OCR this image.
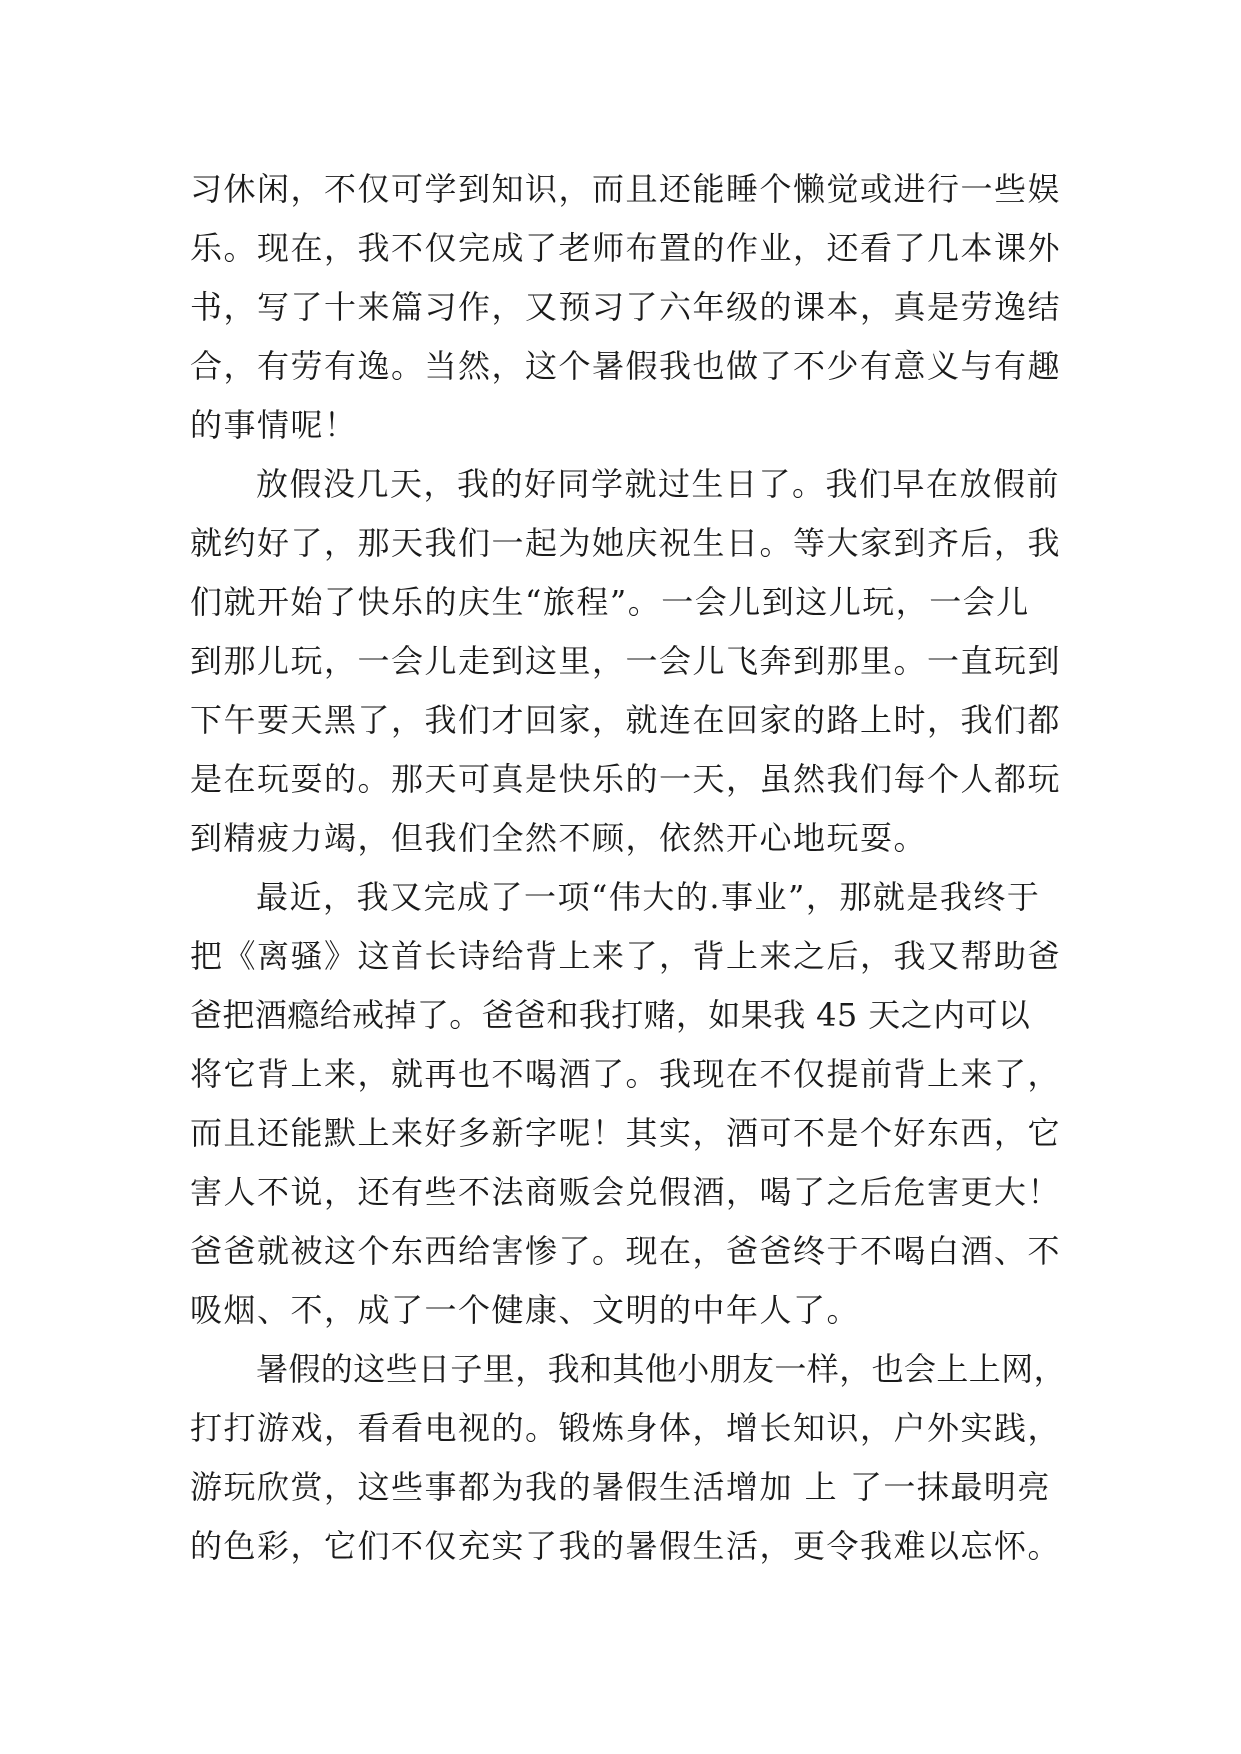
习休闲，不仅可学到知识，而且还能睡个懒觉或进行一些娱
乐。现在，我不仅完成了老师布置的作业，还看了几本课外
书，写了十来篇习作，又预习了六年级的课本，真是劳逸结
合，有劳有逸。当然，这个暑假我也做了不少有意义与有趣
的事情呢！
放假没几天，我的好同学就过生日了。我们早在放假前
就约好了，那天我们一起为她庆祝生日。等大家到齐后，我
们就开始了快乐的庆生“旅程”。一会儿到这儿玩，一会儿
到那儿玩，一会儿走到这里，一会儿飞奔到那里。一直玩到
下午要天黑了，我们才回家，就连在回家的路上时，我们都
是在玩耍的。那天可真是快乐的一天，虽然我们每个人都玩
到精疲力竭，但我们全然不顾，依然开心地玩耍。
最近，我又完成了一项“伟大的.事业”，那就是我终于
把《离骚》这首长诗给背上来了，背上来之后，我又帮助爸
爸把酒瘾给戒掉了。爸爸和我打赌，如果我 45 天之内可以
将它背上来，就再也不喝酒了。我现在不仅提前背上来了，
而且还能默上来好多新字呢！其实，酒可不是个好东西，它
害人不说，还有些不法商贩会兑假酒，喝了之后危害更大！
爸爸就被这个东西给害惨了。现在，爸爸终于不喝白酒、不
吸烟、不，成了一个健康、文明的中年人了。
暑假的这些日子里，我和其他小朋友一样，也会上上网，
打打游戏，看看电视的。锻炼身体，增长知识，户外实践，
游玩欣赏，这些事都为我的暑假生活增加 上 了一抹最明亮
的色彩，它们不仅充实了我的暑假生活，更令我难以忘怀。
